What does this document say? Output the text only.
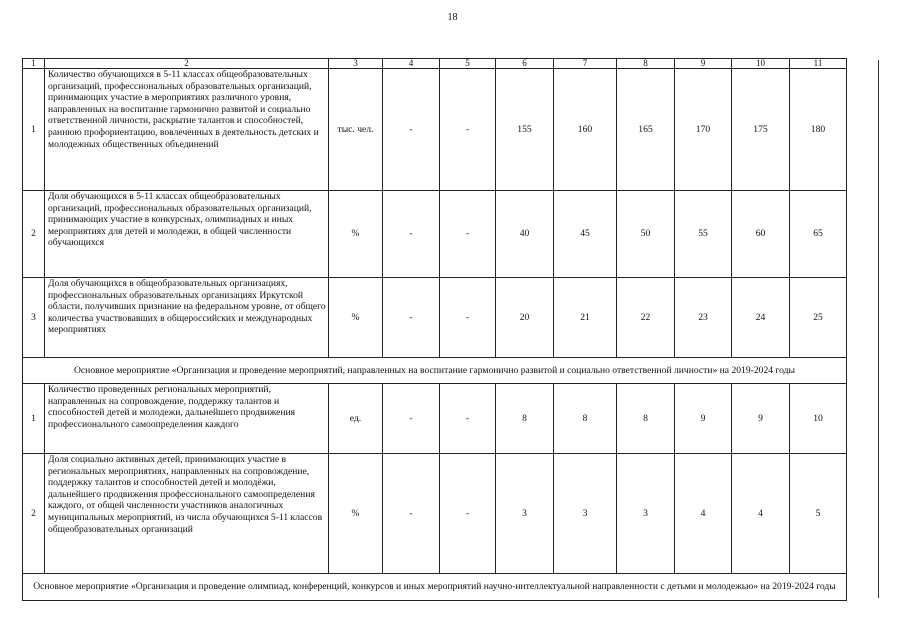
18
1	2	3	4	5	6	7	8	9	10	11
1	Количество обучающихся в 5-11 классах общеобразовательных организаций, профессиональных образовательных организаций, принимающих участие в мероприятиях различного уровня, направленных на воспитание гармонично развитой и социально ответственной личности, раскрытие талантов и способностей, раннюю профориентацию, вовлеченных в деятельность детских и молодежных общественных объединений	тыс. чел.	-	-	155	160	165	170	175	180
2	Доля обучающихся в 5-11 классах общеобразовательных организаций, профессиональных образовательных организаций, принимающих участие в конкурсных, олимпиадных и иных мероприятиях для детей и молодежи, в общей численности обучающихся	%	-	-	40	45	50	55	60	65
3	Доля обучающихся в общеобразовательных организациях, профессиональных образовательных организациях Иркутской области, получивших признание на федеральном уровне, от общего количества участвовавших в общероссийских и международных мероприятиях	%	-	-	20	21	22	23	24	25
Основное мероприятие «Организация и проведение мероприятий, направленных на воспитание гармонично развитой и социально ответственной личности» на 2019-2024 годы										
1	Количество проведенных региональных мероприятий, направленных на сопровождение, поддержку талантов и способностей детей и молодежи, дальнейшего продвижения профессионального самоопределения каждого	ед.	-	-	8	8	8	9	9	10
2	Доля социально активных детей, принимающих участие в региональных мероприятиях, направленных на сопровождение, поддержку талантов и способностей детей и молодёжи, дальнейшего продвижения профессионального самоопределения каждого, от общей численности участников аналогичных муниципальных мероприятий, из числа обучающихся 5-11 классов общеобразовательных организаций	%	-	-	3	3	3	4	4	5
Основное мероприятие «Организация и проведение олимпиад, конференций, конкурсов и иных мероприятий научно-интеллектуальной направленности с детьми и молодежью» на 2019-2024 годы										
